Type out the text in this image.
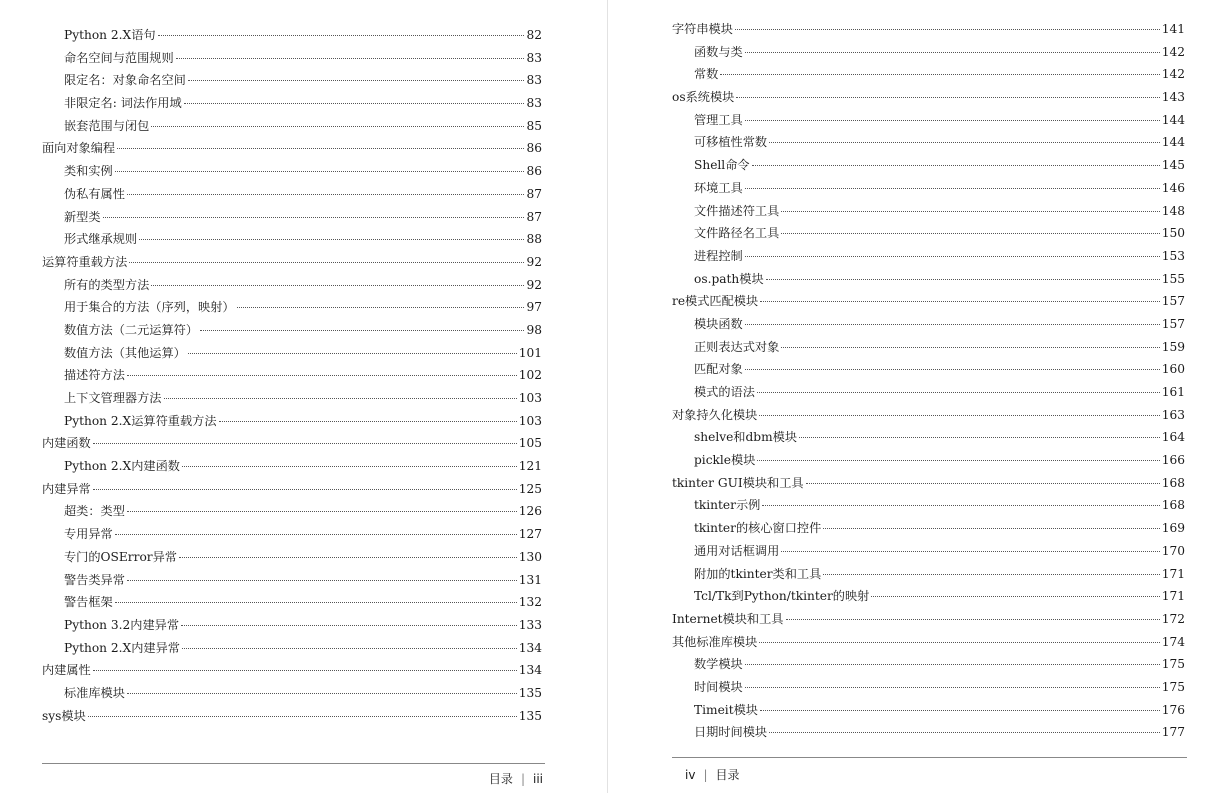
Python 2.X语句	82
命名空间与范围规则	83
限定名：对象命名空间	83
非限定名: 词法作用域	83
嵌套范围与闭包	85
面向对象编程	86
类和实例	86
伪私有属性	87
新型类	87
形式继承规则	88
运算符重载方法	92
所有的类型方法	92
用于集合的方法（序列，映射）	97
数值方法（二元运算符）	98
数值方法（其他运算）	101
描述符方法	102
上下文管理器方法	103
Python 2.X运算符重载方法	103
内建函数	105
Python 2.X内建函数	121
内建异常	125
超类：类型	126
专用异常	127
专门的OSError异常	130
警告类异常	131
警告框架	132
Python 3.2内建异常	133
Python 2.X内建异常	134
内建属性	134
标准库模块	135
sys模块	135
目录 | iii
字符串模块	141
函数与类	142
常数	142
os系统模块	143
管理工具	144
可移植性常数	144
Shell命令	145
环境工具	146
文件描述符工具	148
文件路径名工具	150
进程控制	153
os.path模块	155
re模式匹配模块	157
模块函数	157
正则表达式对象	159
匹配对象	160
模式的语法	161
对象持久化模块	163
shelve和dbm模块	164
pickle模块	166
tkinter GUI模块和工具	168
tkinter示例	168
tkinter的核心窗口控件	169
通用对话框调用	170
附加的tkinter类和工具	171
Tcl/Tk到Python/tkinter的映射	171
Internet模块和工具	172
其他标准库模块	174
数学模块	175
时间模块	175
Timeit模块	176
日期时间模块	177
iv | 目录
